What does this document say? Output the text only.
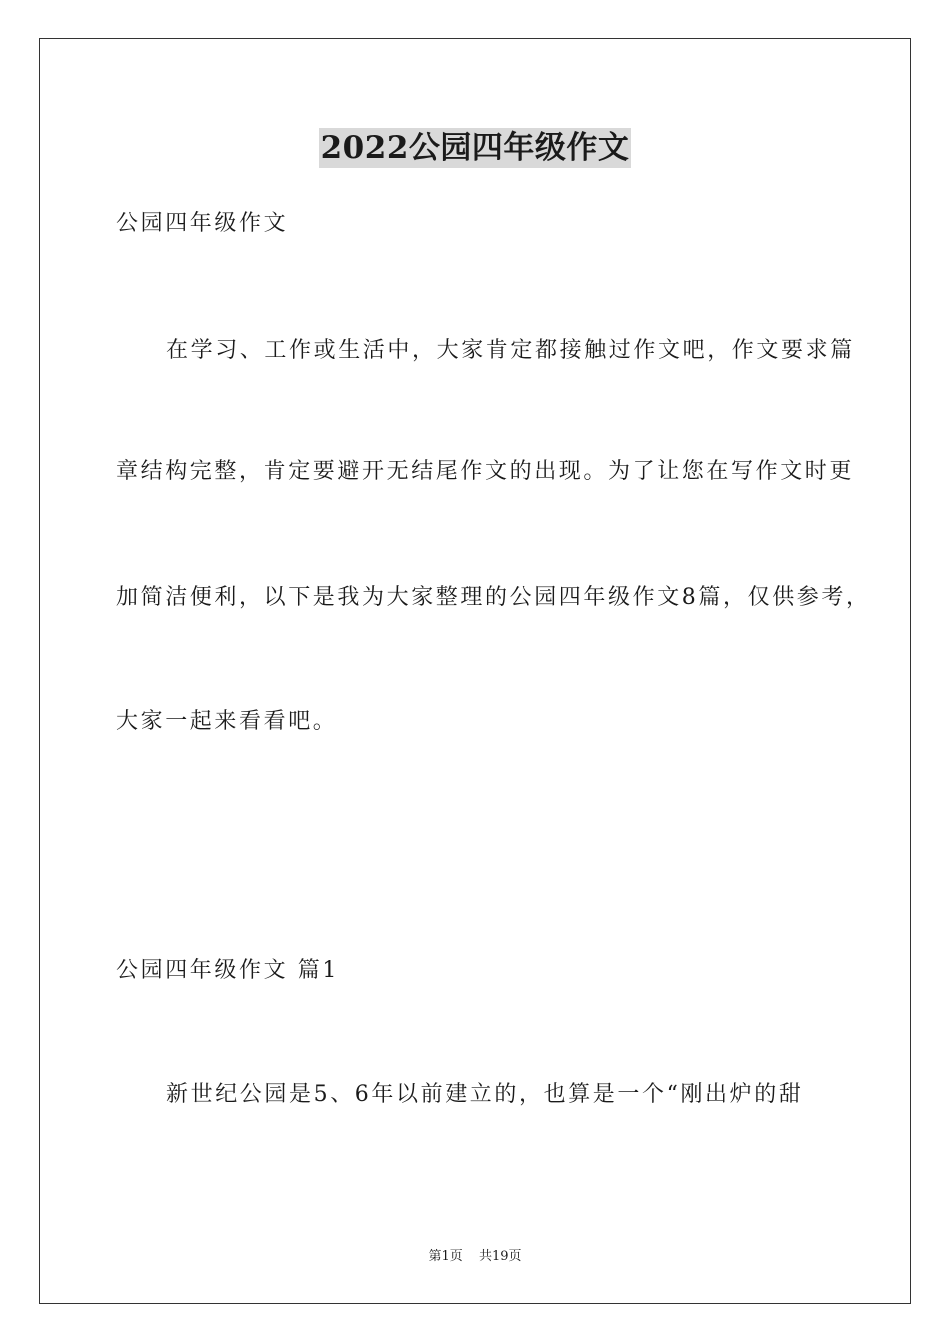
2022公园四年级作文
公园四年级作文
在学习、工作或生活中，大家肯定都接触过作文吧，作文要求篇
章结构完整，肯定要避开无结尾作文的出现。为了让您在写作文时更
加简洁便利，以下是我为大家整理的公园四年级作文8篇，仅供参考，
大家一起来看看吧。
公园四年级作文 篇1
新世纪公园是5、6年以前建立的，也算是一个“刚出炉的甜
第1页 共19页
